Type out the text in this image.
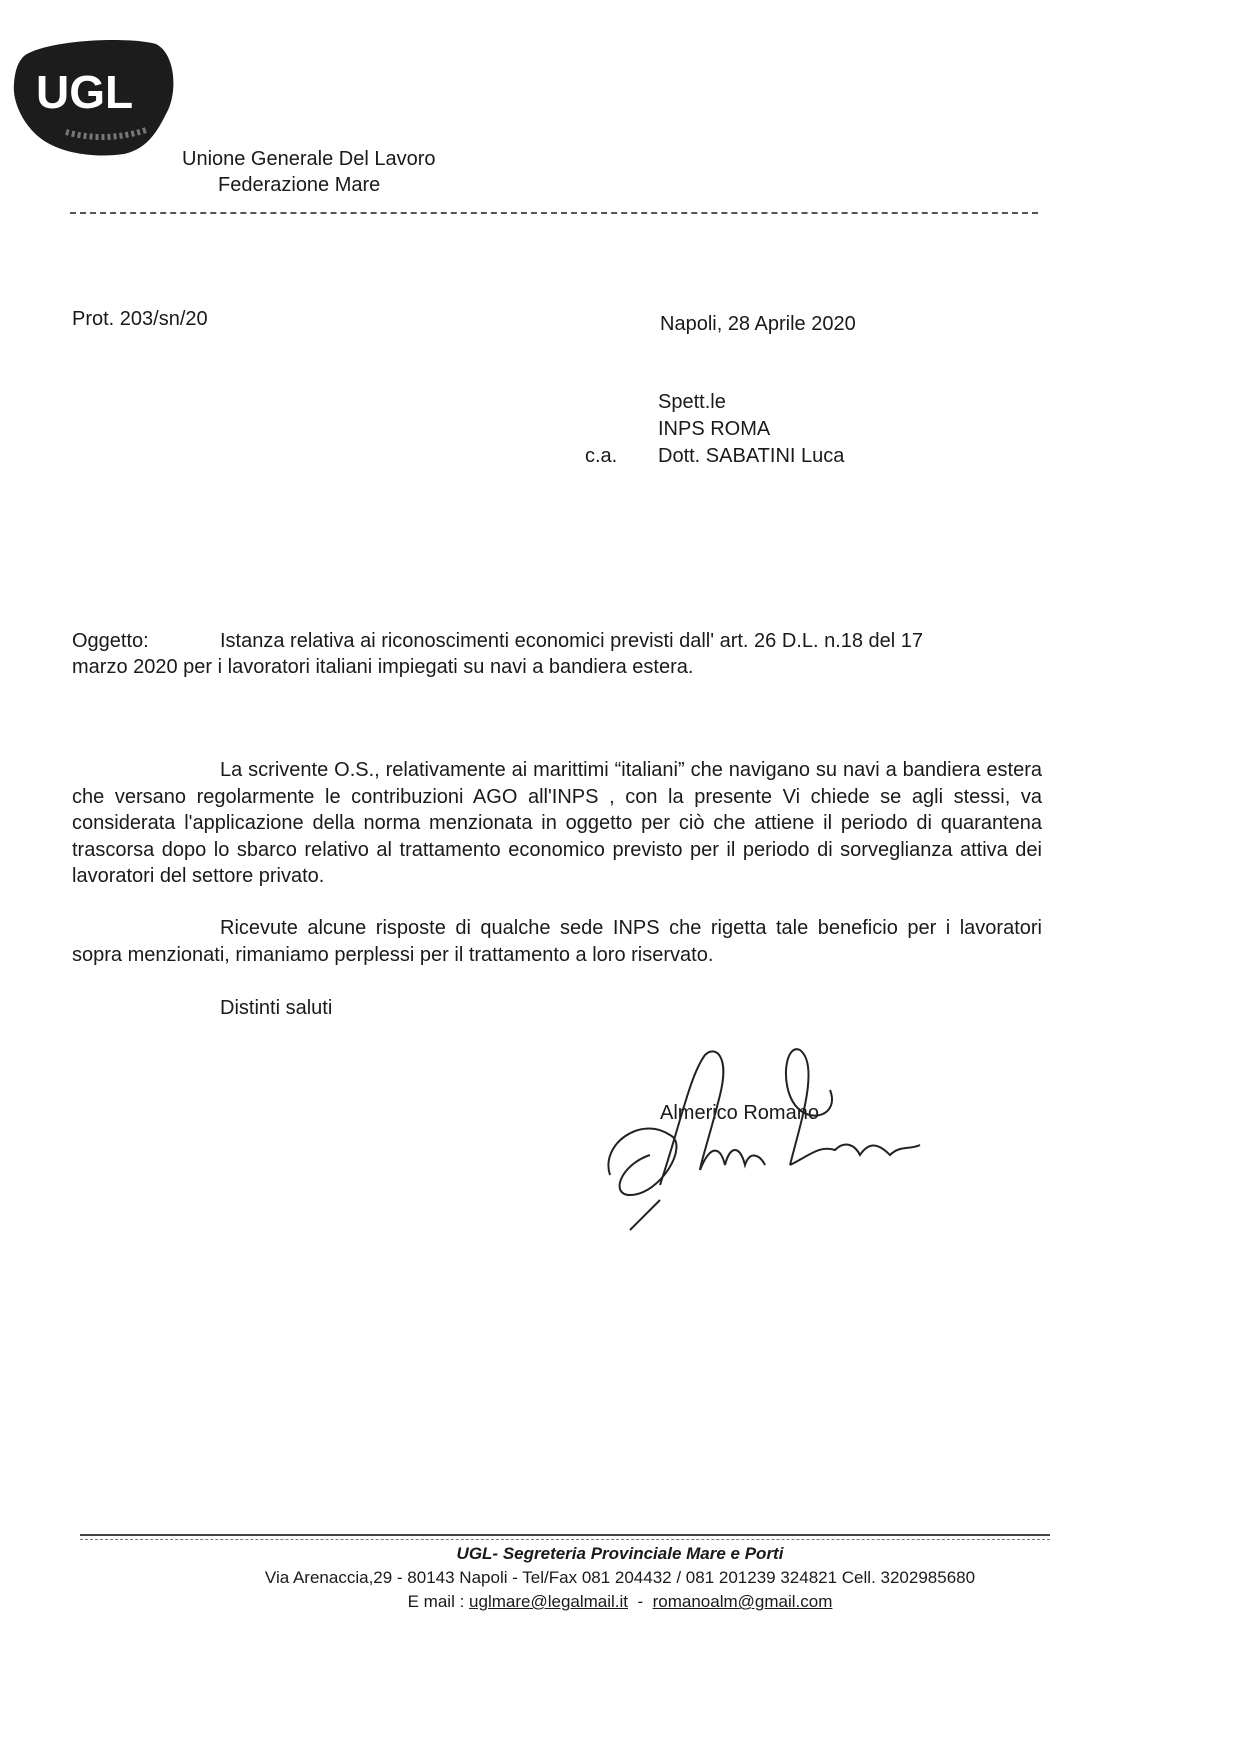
UGL
Unione Generale Del Lavoro
Federazione Mare
Prot. 203/sn/20	Napoli, 28 Aprile 2020
Spett.le
INPS ROMA
c.a. Dott. SABATINI Luca
Oggetto:	Istanza relativa ai riconoscimenti economici previsti dall' art. 26 D.L. n.18 del 17
marzo 2020 per i lavoratori italiani impiegati su navi a bandiera estera.
La scrivente O.S., relativamente ai marittimi “italiani” che navigano su navi a bandiera estera che versano regolarmente le contribuzioni AGO all'INPS , con la presente Vi chiede se agli stessi, va considerata l'applicazione della norma menzionata in oggetto per ciò che attiene il periodo di quarantena trascorsa dopo lo sbarco relativo al trattamento economico previsto per il periodo di sorveglianza attiva dei lavoratori del settore privato.
Ricevute alcune risposte di qualche sede INPS che rigetta tale beneficio per i lavoratori sopra menzionati, rimaniamo perplessi per il trattamento a loro riservato.
Distinti saluti
Almerico Romano
UGL- Segreteria Provinciale Mare e Porti
Via Arenaccia,29 - 80143 Napoli - Tel/Fax 081 204432 / 081 201239 324821 Cell. 3202985680
E mail : uglmare@legalmail.it - romanoalm@gmail.com
